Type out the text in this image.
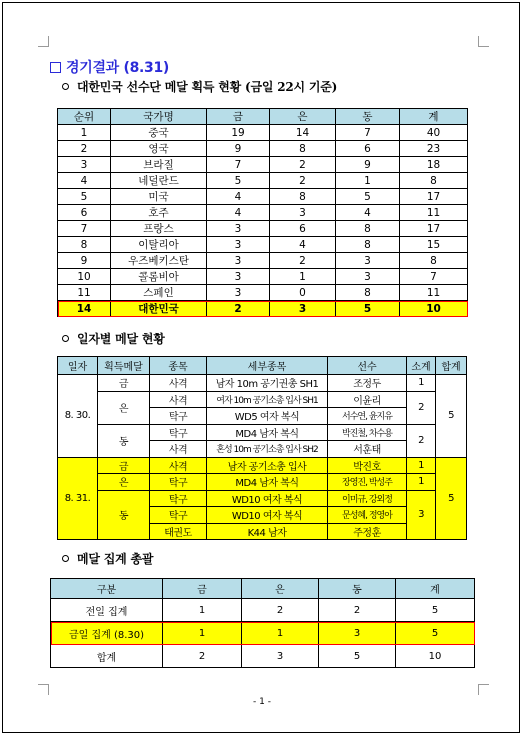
경기결과 (8.31)
대한민국 선수단 메달 획득 현황 (금일 22시 기준)
순위	국가명	금	은	동	계
1	중국	19	14	7	40
2	영국	9	8	6	23
3	브라질	7	2	9	18
4	네덜란드	5	2	1	8
5	미국	4	8	5	17
6	호주	4	3	4	11
7	프랑스	3	6	8	17
8	이탈리아	3	4	8	15
9	우즈베키스탄	3	2	3	8
10	콜롬비아	3	1	3	7
11	스페인	3	0	8	11
14	대한민국	2	3	5	10
일자별 메달 현황
일자	획득메달	종목	세부종목	선수	소계	합계
8. 30.	금	사격	남자 10m 공기권총 SH1	조정두	1	5
	은	사격	여자 10m 공기소총 입사 SH1	이윤리	2	
		탁구	WD5 여자 복식	서수연, 윤지유		
	동	탁구	MD4 남자 복식	박진철, 차수용	2	
		사격	혼성 10m 공기소총 입사 SH2	서훈태		
8. 31.	금	사격	남자 공기소총 입사	박진호	1	5
	은	탁구	MD4 남자 복식	장영진, 박성주	1	
	동	탁구	WD10 여자 복식	이미규, 강외정	3	
		탁구	WD10 여자 복식	문성혜, 정영아		
		태권도	K44 남자	주정훈		
메달 집계 총괄
구분	금	은	동	계
전일 집계	1	2	2	5
금일 집계 (8.30)	1	1	3	5
합계	2	3	5	10
- 1 -
